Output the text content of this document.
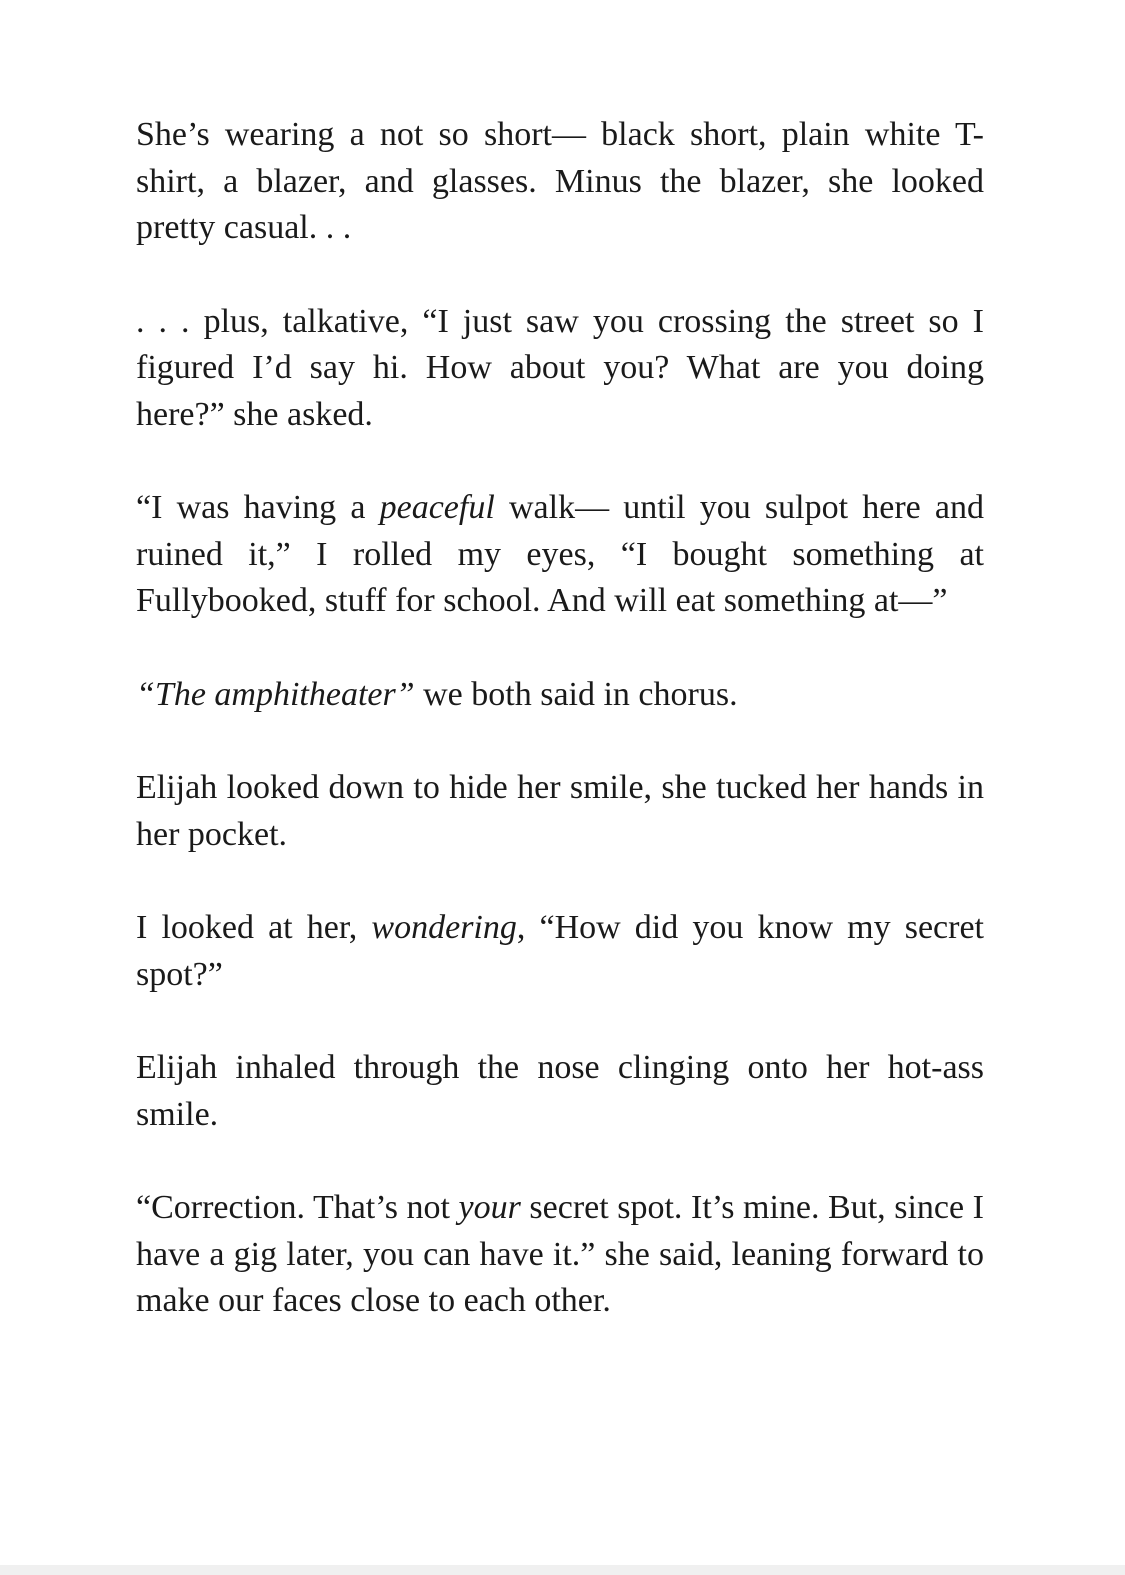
She’s wearing a not so short— black short, plain white T-shirt, a blazer, and glasses. Minus the blazer, she looked pretty casual. . .

. . . plus, talkative, “I just saw you crossing the street so I figured I’d say hi. How about you? What are you doing here?” she asked.

“I was having a peaceful walk— until you sulpot here and ruined it,” I rolled my eyes, “I bought something at Fullybooked, stuff for school. And will eat something at—”

“The amphitheater” we both said in chorus.

Elijah looked down to hide her smile, she tucked her hands in her pocket.

I looked at her, wondering, “How did you know my secret spot?”

Elijah inhaled through the nose clinging onto her hot-ass smile.

“Correction. That’s not your secret spot. It’s mine. But, since I have a gig later, you can have it.” she said, leaning forward to make our faces close to each other.
